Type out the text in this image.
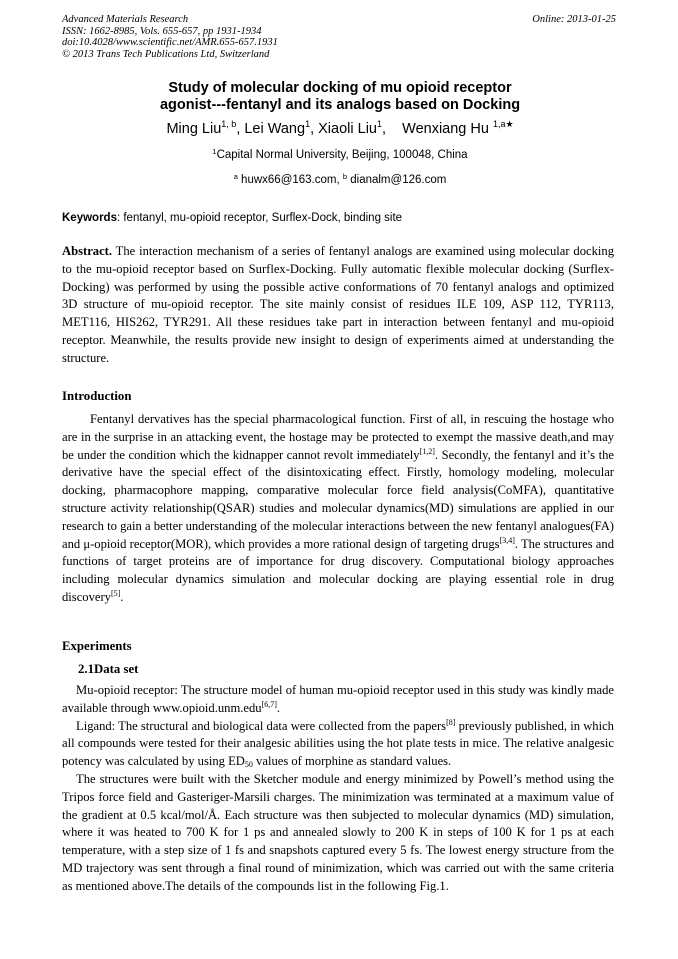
Advanced Materials Research
ISSN: 1662-8985, Vols. 655-657, pp 1931-1934
doi:10.4028/www.scientific.net/AMR.655-657.1931
© 2013 Trans Tech Publications Ltd, Switzerland
Online: 2013-01-25
Study of molecular docking of mu opioid receptor
agonist---fentanyl and its analogs based on Docking
Ming Liu$^{1, b}$, Lei Wang$^1$, Xiaoli Liu$^1$,    Wenxiang Hu $^{1,a★}$
$^1$Capital Normal University, Beijing, 100048, China
$^a$ huwx66@163.com, $^b$ dianalm@126.com
Keywords: fentanyl, mu-opioid receptor, Surflex-Dock, binding site
Abstract. The interaction mechanism of a series of fentanyl analogs are examined using molecular docking to the mu-opioid receptor based on Surflex-Docking. Fully automatic flexible molecular docking (Surflex-Docking) was performed by using the possible active conformations of 70 fentanyl analogs and optimized 3D structure of mu-opioid receptor. The site mainly consist of residues ILE 109, ASP 112, TYR113, MET116, HIS262, TYR291. All these residues take part in interaction between fentanyl and mu-opioid receptor. Meanwhile, the results provide new insight to design of experiments aimed at understanding the structure.
Introduction
Fentanyl dervatives has the special pharmacological function. First of all, in rescuing the hostage who are in the surprise in an attacking event, the hostage may be protected to exempt the massive death,and may be under the condition which the kidnapper cannot revolt immediately[1,2]. Secondly, the fentanyl and it’s the derivative have the special effect of the disintoxicating effect. Firstly, homology modeling, molecular docking, pharmacophore mapping, comparative molecular force field analysis(CoMFA), quantitative structure activity relationship(QSAR) studies and molecular dynamics(MD) simulations are applied in our research to gain a better understanding of the molecular interactions between the new fentanyl analogues(FA) and μ-opioid receptor(MOR), which provides a more rational design of targeting drugs[3,4]. The structures and functions of target proteins are of importance for drug discovery. Computational biology approaches including molecular dynamics simulation and molecular docking are playing essential role in drug discovery[5].
Experiments
2.1Data set

Mu-opioid receptor: The structure model of human mu-opioid receptor used in this study was kindly made available through www.opioid.unm.edu[6,7].

Ligand: The structural and biological data were collected from the papers[8] previously published, in which all compounds were tested for their analgesic abilities using the hot plate tests in mice. The relative analgesic potency was calculated by using $ED_{50}$ values of morphine as standard values.

The structures were built with the Sketcher module and energy minimized by Powell’s method using the Tripos force field and Gasteriger-Marsili charges. The minimization was terminated at a maximum value of the gradient at 0.5 kcal/mol/Å. Each structure was then subjected to molecular dynamics (MD) simulation, where it was heated to 700 K for 1 ps and annealed slowly to 200 K in steps of 100 K for 1 ps at each temperature, with a step size of 1 fs and snapshots captured every 5 fs. The lowest energy structure from the MD trajectory was sent through a final round of minimization, which was carried out with the same criteria as mentioned above.The details of the compounds list in the following Fig.1.
